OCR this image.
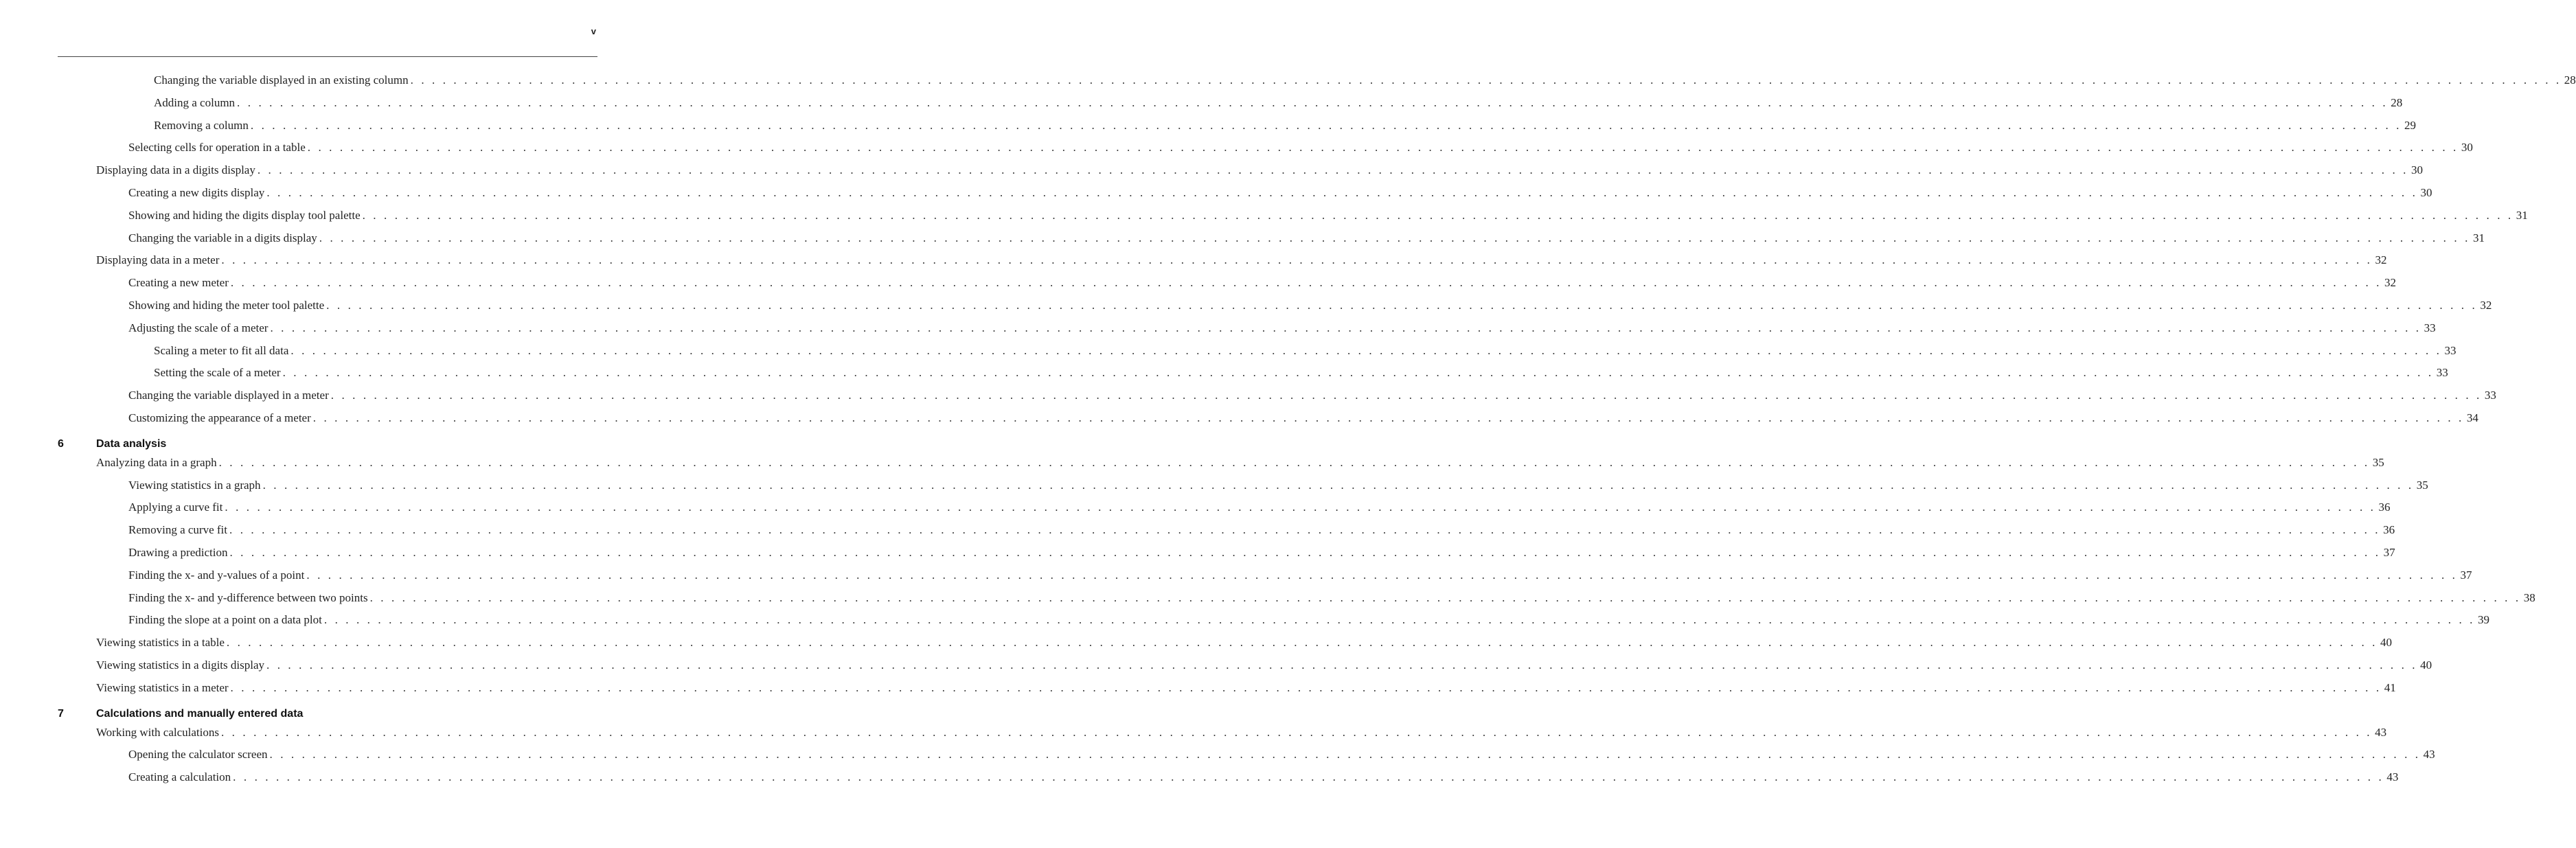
v
Changing the variable displayed in an existing column . . . . . . . . . . . . . . . . . . . . . . . . . . . . . . . . . . . . . . . . . . . . . . . . . . . . . . . . . . . . . . . . . . . . . . . . . . . . . . . . . . . . . . . . . . . . . . . . . . . . . . . . . . . . . . . . . . . . . . . . . . . . . . . . . . . . . . . . . . . . . . . . . . . . . . . . . . . . . . . . . . . . . . . . . . . . . . . . . . . . . . . . . . . . . . . . . . . . . . . . 28
Adding a column . . . . . . . . . . . . . . . . . . . . . . . . . . . . . . . . . . . . . . . . . . . . . . . . . . . . . . . . . . . . . . . . . . . . . . . . . . . . . . . . . . . . . . . . . . . . . . . . . . . . . . . . . . . . . . . . . . . . . . . . . . . . . . . . . . . . . . . . . . . . . . . . . . . . . . . . . . . . . . . . . . . . . . . . . . . . . . . . . . . . . . . . . . . . . . . . . . . . . . . . 28
Removing a column . . . . . . . . . . . . . . . . . . . . . . . . . . . . . . . . . . . . . . . . . . . . . . . . . . . . . . . . . . . . . . . . . . . . . . . . . . . . . . . . . . . . . . . . . . . . . . . . . . . . . . . . . . . . . . . . . . . . . . . . . . . . . . . . . . . . . . . . . . . . . . . . . . . . . . . . . . . . . . . . . . . . . . . . . . . . . . . . . . . . . . . . . . . . . . . . . . . . . . . . 29
Selecting cells for operation in a table . . . . . . . . . . . . . . . . . . . . . . . . . . . . . . . . . . . . . . . . . . . . . . . . . . . . . . . . . . . . . . . . . . . . . . . . . . . . . . . . . . . . . . . . . . . . . . . . . . . . . . . . . . . . . . . . . . . . . . . . . . . . . . . . . . . . . . . . . . . . . . . . . . . . . . . . . . . . . . . . . . . . . . . . . . . . . . . . . . . . . . . . . . . . . . . . . . . . . . . . 30
Displaying data in a digits display . . . . . . . . . . . . . . . . . . . . . . . . . . . . . . . . . . . . . . . . . . . . . . . . . . . . . . . . . . . . . . . . . . . . . . . . . . . . . . . . . . . . . . . . . . . . . . . . . . . . . . . . . . . . . . . . . . . . . . . . . . . . . . . . . . . . . . . . . . . . . . . . . . . . . . . . . . . . . . . . . . . . . . . . . . . . . . . . . . . . . . . . . . . . . . . . . . . . . . . . 30
Creating a new digits display . . . . . . . . . . . . . . . . . . . . . . . . . . . . . . . . . . . . . . . . . . . . . . . . . . . . . . . . . . . . . . . . . . . . . . . . . . . . . . . . . . . . . . . . . . . . . . . . . . . . . . . . . . . . . . . . . . . . . . . . . . . . . . . . . . . . . . . . . . . . . . . . . . . . . . . . . . . . . . . . . . . . . . . . . . . . . . . . . . . . . . . . . . . . . . . . . . . . . . . . 30
Showing and hiding the digits display tool palette . . . . . . . . . . . . . . . . . . . . . . . . . . . . . . . . . . . . . . . . . . . . . . . . . . . . . . . . . . . . . . . . . . . . . . . . . . . . . . . . . . . . . . . . . . . . . . . . . . . . . . . . . . . . . . . . . . . . . . . . . . . . . . . . . . . . . . . . . . . . . . . . . . . . . . . . . . . . . . . . . . . . . . . . . . . . . . . . . . . . . . . . . . . . . . . . . . . . . . . . 31
Changing the variable in a digits display . . . . . . . . . . . . . . . . . . . . . . . . . . . . . . . . . . . . . . . . . . . . . . . . . . . . . . . . . . . . . . . . . . . . . . . . . . . . . . . . . . . . . . . . . . . . . . . . . . . . . . . . . . . . . . . . . . . . . . . . . . . . . . . . . . . . . . . . . . . . . . . . . . . . . . . . . . . . . . . . . . . . . . . . . . . . . . . . . . . . . . . . . . . . . . . . . . . . . . . . 31
Displaying data in a meter . . . . . . . . . . . . . . . . . . . . . . . . . . . . . . . . . . . . . . . . . . . . . . . . . . . . . . . . . . . . . . . . . . . . . . . . . . . . . . . . . . . . . . . . . . . . . . . . . . . . . . . . . . . . . . . . . . . . . . . . . . . . . . . . . . . . . . . . . . . . . . . . . . . . . . . . . . . . . . . . . . . . . . . . . . . . . . . . . . . . . . . . . . . . . . . . . . . . . . . . 32
Creating a new meter . . . . . . . . . . . . . . . . . . . . . . . . . . . . . . . . . . . . . . . . . . . . . . . . . . . . . . . . . . . . . . . . . . . . . . . . . . . . . . . . . . . . . . . . . . . . . . . . . . . . . . . . . . . . . . . . . . . . . . . . . . . . . . . . . . . . . . . . . . . . . . . . . . . . . . . . . . . . . . . . . . . . . . . . . . . . . . . . . . . . . . . . . . . . . . . . . . . . . . . . 32
Showing and hiding the meter tool palette . . . . . . . . . . . . . . . . . . . . . . . . . . . . . . . . . . . . . . . . . . . . . . . . . . . . . . . . . . . . . . . . . . . . . . . . . . . . . . . . . . . . . . . . . . . . . . . . . . . . . . . . . . . . . . . . . . . . . . . . . . . . . . . . . . . . . . . . . . . . . . . . . . . . . . . . . . . . . . . . . . . . . . . . . . . . . . . . . . . . . . . . . . . . . . . . . . . . . . . . 32
Adjusting the scale of a meter . . . . . . . . . . . . . . . . . . . . . . . . . . . . . . . . . . . . . . . . . . . . . . . . . . . . . . . . . . . . . . . . . . . . . . . . . . . . . . . . . . . . . . . . . . . . . . . . . . . . . . . . . . . . . . . . . . . . . . . . . . . . . . . . . . . . . . . . . . . . . . . . . . . . . . . . . . . . . . . . . . . . . . . . . . . . . . . . . . . . . . . . . . . . . . . . . . . . . . . . 33
Scaling a meter to fit all data . . . . . . . . . . . . . . . . . . . . . . . . . . . . . . . . . . . . . . . . . . . . . . . . . . . . . . . . . . . . . . . . . . . . . . . . . . . . . . . . . . . . . . . . . . . . . . . . . . . . . . . . . . . . . . . . . . . . . . . . . . . . . . . . . . . . . . . . . . . . . . . . . . . . . . . . . . . . . . . . . . . . . . . . . . . . . . . . . . . . . . . . . . . . . . . . . . . . . . . . 33
Setting the scale of a meter . . . . . . . . . . . . . . . . . . . . . . . . . . . . . . . . . . . . . . . . . . . . . . . . . . . . . . . . . . . . . . . . . . . . . . . . . . . . . . . . . . . . . . . . . . . . . . . . . . . . . . . . . . . . . . . . . . . . . . . . . . . . . . . . . . . . . . . . . . . . . . . . . . . . . . . . . . . . . . . . . . . . . . . . . . . . . . . . . . . . . . . . . . . . . . . . . . . . . . . . 33
Changing the variable displayed in a meter . . . . . . . . . . . . . . . . . . . . . . . . . . . . . . . . . . . . . . . . . . . . . . . . . . . . . . . . . . . . . . . . . . . . . . . . . . . . . . . . . . . . . . . . . . . . . . . . . . . . . . . . . . . . . . . . . . . . . . . . . . . . . . . . . . . . . . . . . . . . . . . . . . . . . . . . . . . . . . . . . . . . . . . . . . . . . . . . . . . . . . . . . . . . . . . . . . . . . . . . 33
Customizing the appearance of a meter . . . . . . . . . . . . . . . . . . . . . . . . . . . . . . . . . . . . . . . . . . . . . . . . . . . . . . . . . . . . . . . . . . . . . . . . . . . . . . . . . . . . . . . . . . . . . . . . . . . . . . . . . . . . . . . . . . . . . . . . . . . . . . . . . . . . . . . . . . . . . . . . . . . . . . . . . . . . . . . . . . . . . . . . . . . . . . . . . . . . . . . . . . . . . . . . . . . . . . . . 34
6	Data analysis
Analyzing data in a graph . . . . . . . . . . . . . . . . . . . . . . . . . . . . . . . . . . . . . . . . . . . . . . . . . . . . . . . . . . . . . . . . . . . . . . . . . . . . . . . . . . . . . . . . . . . . . . . . . . . . . . . . . . . . . . . . . . . . . . . . . . . . . . . . . . . . . . . . . . . . . . . . . . . . . . . . . . . . . . . . . . . . . . . . . . . . . . . . . . . . . . . . . . . . . . . . . . . . . . . . 35
Viewing statistics in a graph . . . . . . . . . . . . . . . . . . . . . . . . . . . . . . . . . . . . . . . . . . . . . . . . . . . . . . . . . . . . . . . . . . . . . . . . . . . . . . . . . . . . . . . . . . . . . . . . . . . . . . . . . . . . . . . . . . . . . . . . . . . . . . . . . . . . . . . . . . . . . . . . . . . . . . . . . . . . . . . . . . . . . . . . . . . . . . . . . . . . . . . . . . . . . . . . . . . . . . . . 35
Applying a curve fit . . . . . . . . . . . . . . . . . . . . . . . . . . . . . . . . . . . . . . . . . . . . . . . . . . . . . . . . . . . . . . . . . . . . . . . . . . . . . . . . . . . . . . . . . . . . . . . . . . . . . . . . . . . . . . . . . . . . . . . . . . . . . . . . . . . . . . . . . . . . . . . . . . . . . . . . . . . . . . . . . . . . . . . . . . . . . . . . . . . . . . . . . . . . . . . . . . . . . . . . 36
Removing a curve fit . . . . . . . . . . . . . . . . . . . . . . . . . . . . . . . . . . . . . . . . . . . . . . . . . . . . . . . . . . . . . . . . . . . . . . . . . . . . . . . . . . . . . . . . . . . . . . . . . . . . . . . . . . . . . . . . . . . . . . . . . . . . . . . . . . . . . . . . . . . . . . . . . . . . . . . . . . . . . . . . . . . . . . . . . . . . . . . . . . . . . . . . . . . . . . . . . . . . . . . . 36
Drawing a prediction . . . . . . . . . . . . . . . . . . . . . . . . . . . . . . . . . . . . . . . . . . . . . . . . . . . . . . . . . . . . . . . . . . . . . . . . . . . . . . . . . . . . . . . . . . . . . . . . . . . . . . . . . . . . . . . . . . . . . . . . . . . . . . . . . . . . . . . . . . . . . . . . . . . . . . . . . . . . . . . . . . . . . . . . . . . . . . . . . . . . . . . . . . . . . . . . . . . . . . . . 37
Finding the x- and y-values of a point . . . . . . . . . . . . . . . . . . . . . . . . . . . . . . . . . . . . . . . . . . . . . . . . . . . . . . . . . . . . . . . . . . . . . . . . . . . . . . . . . . . . . . . . . . . . . . . . . . . . . . . . . . . . . . . . . . . . . . . . . . . . . . . . . . . . . . . . . . . . . . . . . . . . . . . . . . . . . . . . . . . . . . . . . . . . . . . . . . . . . . . . . . . . . . . . . . . . . . . . 37
Finding the x- and y-difference between two points . . . . . . . . . . . . . . . . . . . . . . . . . . . . . . . . . . . . . . . . . . . . . . . . . . . . . . . . . . . . . . . . . . . . . . . . . . . . . . . . . . . . . . . . . . . . . . . . . . . . . . . . . . . . . . . . . . . . . . . . . . . . . . . . . . . . . . . . . . . . . . . . . . . . . . . . . . . . . . . . . . . . . . . . . . . . . . . . . . . . . . . . . . . . . . . . . . . . . . . . 38
Finding the slope at a point on a data plot . . . . . . . . . . . . . . . . . . . . . . . . . . . . . . . . . . . . . . . . . . . . . . . . . . . . . . . . . . . . . . . . . . . . . . . . . . . . . . . . . . . . . . . . . . . . . . . . . . . . . . . . . . . . . . . . . . . . . . . . . . . . . . . . . . . . . . . . . . . . . . . . . . . . . . . . . . . . . . . . . . . . . . . . . . . . . . . . . . . . . . . . . . . . . . . . . . . . . . . . 39
Viewing statistics in a table . . . . . . . . . . . . . . . . . . . . . . . . . . . . . . . . . . . . . . . . . . . . . . . . . . . . . . . . . . . . . . . . . . . . . . . . . . . . . . . . . . . . . . . . . . . . . . . . . . . . . . . . . . . . . . . . . . . . . . . . . . . . . . . . . . . . . . . . . . . . . . . . . . . . . . . . . . . . . . . . . . . . . . . . . . . . . . . . . . . . . . . . . . . . . . . . . . . . . . . . 40
Viewing statistics in a digits display . . . . . . . . . . . . . . . . . . . . . . . . . . . . . . . . . . . . . . . . . . . . . . . . . . . . . . . . . . . . . . . . . . . . . . . . . . . . . . . . . . . . . . . . . . . . . . . . . . . . . . . . . . . . . . . . . . . . . . . . . . . . . . . . . . . . . . . . . . . . . . . . . . . . . . . . . . . . . . . . . . . . . . . . . . . . . . . . . . . . . . . . . . . . . . . . . . . . . . . . 40
Viewing statistics in a meter . . . . . . . . . . . . . . . . . . . . . . . . . . . . . . . . . . . . . . . . . . . . . . . . . . . . . . . . . . . . . . . . . . . . . . . . . . . . . . . . . . . . . . . . . . . . . . . . . . . . . . . . . . . . . . . . . . . . . . . . . . . . . . . . . . . . . . . . . . . . . . . . . . . . . . . . . . . . . . . . . . . . . . . . . . . . . . . . . . . . . . . . . . . . . . . . . . . . . . . . 41
7	Calculations and manually entered data
Working with calculations . . . . . . . . . . . . . . . . . . . . . . . . . . . . . . . . . . . . . . . . . . . . . . . . . . . . . . . . . . . . . . . . . . . . . . . . . . . . . . . . . . . . . . . . . . . . . . . . . . . . . . . . . . . . . . . . . . . . . . . . . . . . . . . . . . . . . . . . . . . . . . . . . . . . . . . . . . . . . . . . . . . . . . . . . . . . . . . . . . . . . . . . . . . . . . . . . . . . . . . . 43
Opening the calculator screen . . . . . . . . . . . . . . . . . . . . . . . . . . . . . . . . . . . . . . . . . . . . . . . . . . . . . . . . . . . . . . . . . . . . . . . . . . . . . . . . . . . . . . . . . . . . . . . . . . . . . . . . . . . . . . . . . . . . . . . . . . . . . . . . . . . . . . . . . . . . . . . . . . . . . . . . . . . . . . . . . . . . . . . . . . . . . . . . . . . . . . . . . . . . . . . . . . . . . . . . 43
Creating a calculation . . . . . . . . . . . . . . . . . . . . . . . . . . . . . . . . . . . . . . . . . . . . . . . . . . . . . . . . . . . . . . . . . . . . . . . . . . . . . . . . . . . . . . . . . . . . . . . . . . . . . . . . . . . . . . . . . . . . . . . . . . . . . . . . . . . . . . . . . . . . . . . . . . . . . . . . . . . . . . . . . . . . . . . . . . . . . . . . . . . . . . . . . . . . . . . . . . . . . . . . 43
